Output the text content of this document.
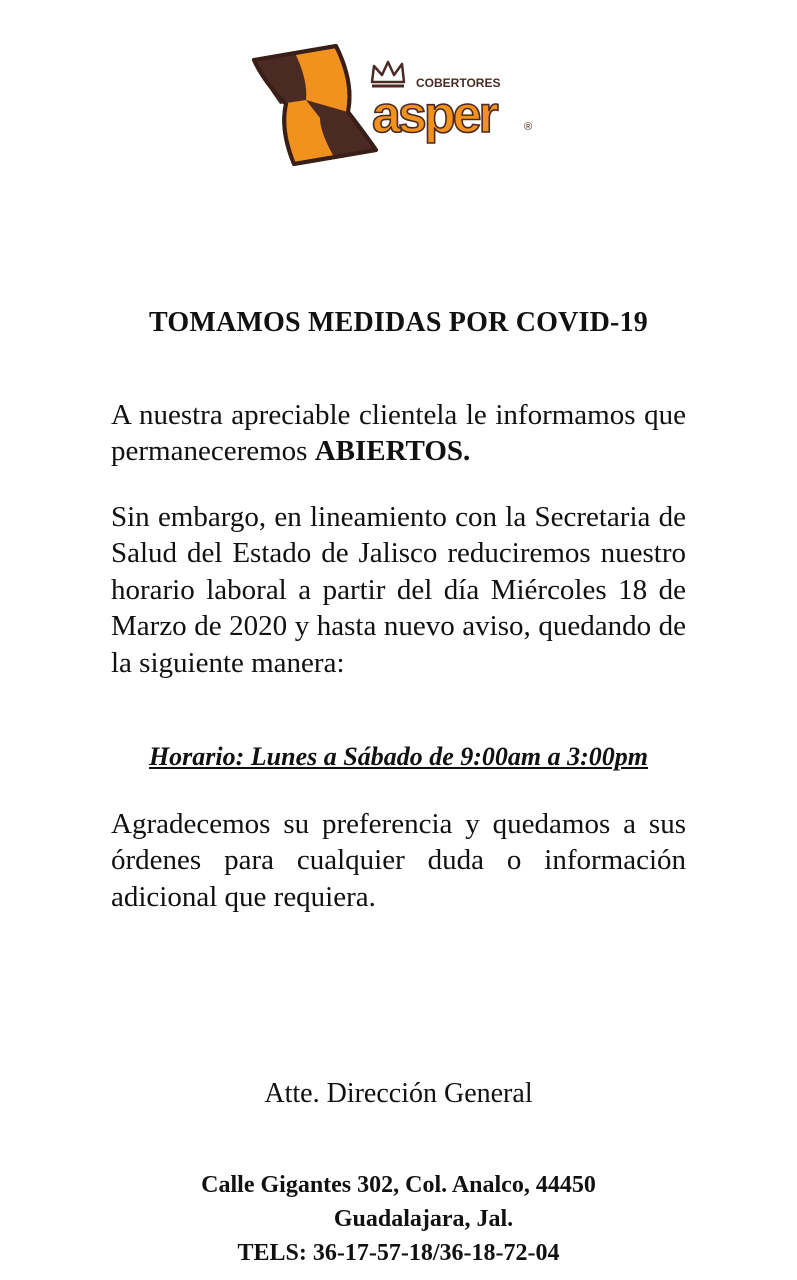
COBERTORES
asper	®
TOMAMOS MEDIDAS POR COVID-19

A nuestra apreciable clientela le informamos que permaneceremos ABIERTOS.

Sin embargo, en lineamiento con la Secretaria de Salud del Estado de Jalisco reduciremos nuestro horario laboral a partir del día Miércoles 18 de Marzo de 2020 y hasta nuevo aviso, quedando de la siguiente manera:

Horario: Lunes a Sábado de 9:00am a 3:00pm

Agradecemos su preferencia y quedamos a sus órdenes para cualquier duda o información adicional que requiera.

Atte. Dirección General

Calle Gigantes 302, Col. Analco, 44450
Guadalajara, Jal.
TELS: 36-17-57-18/36-18-72-04
